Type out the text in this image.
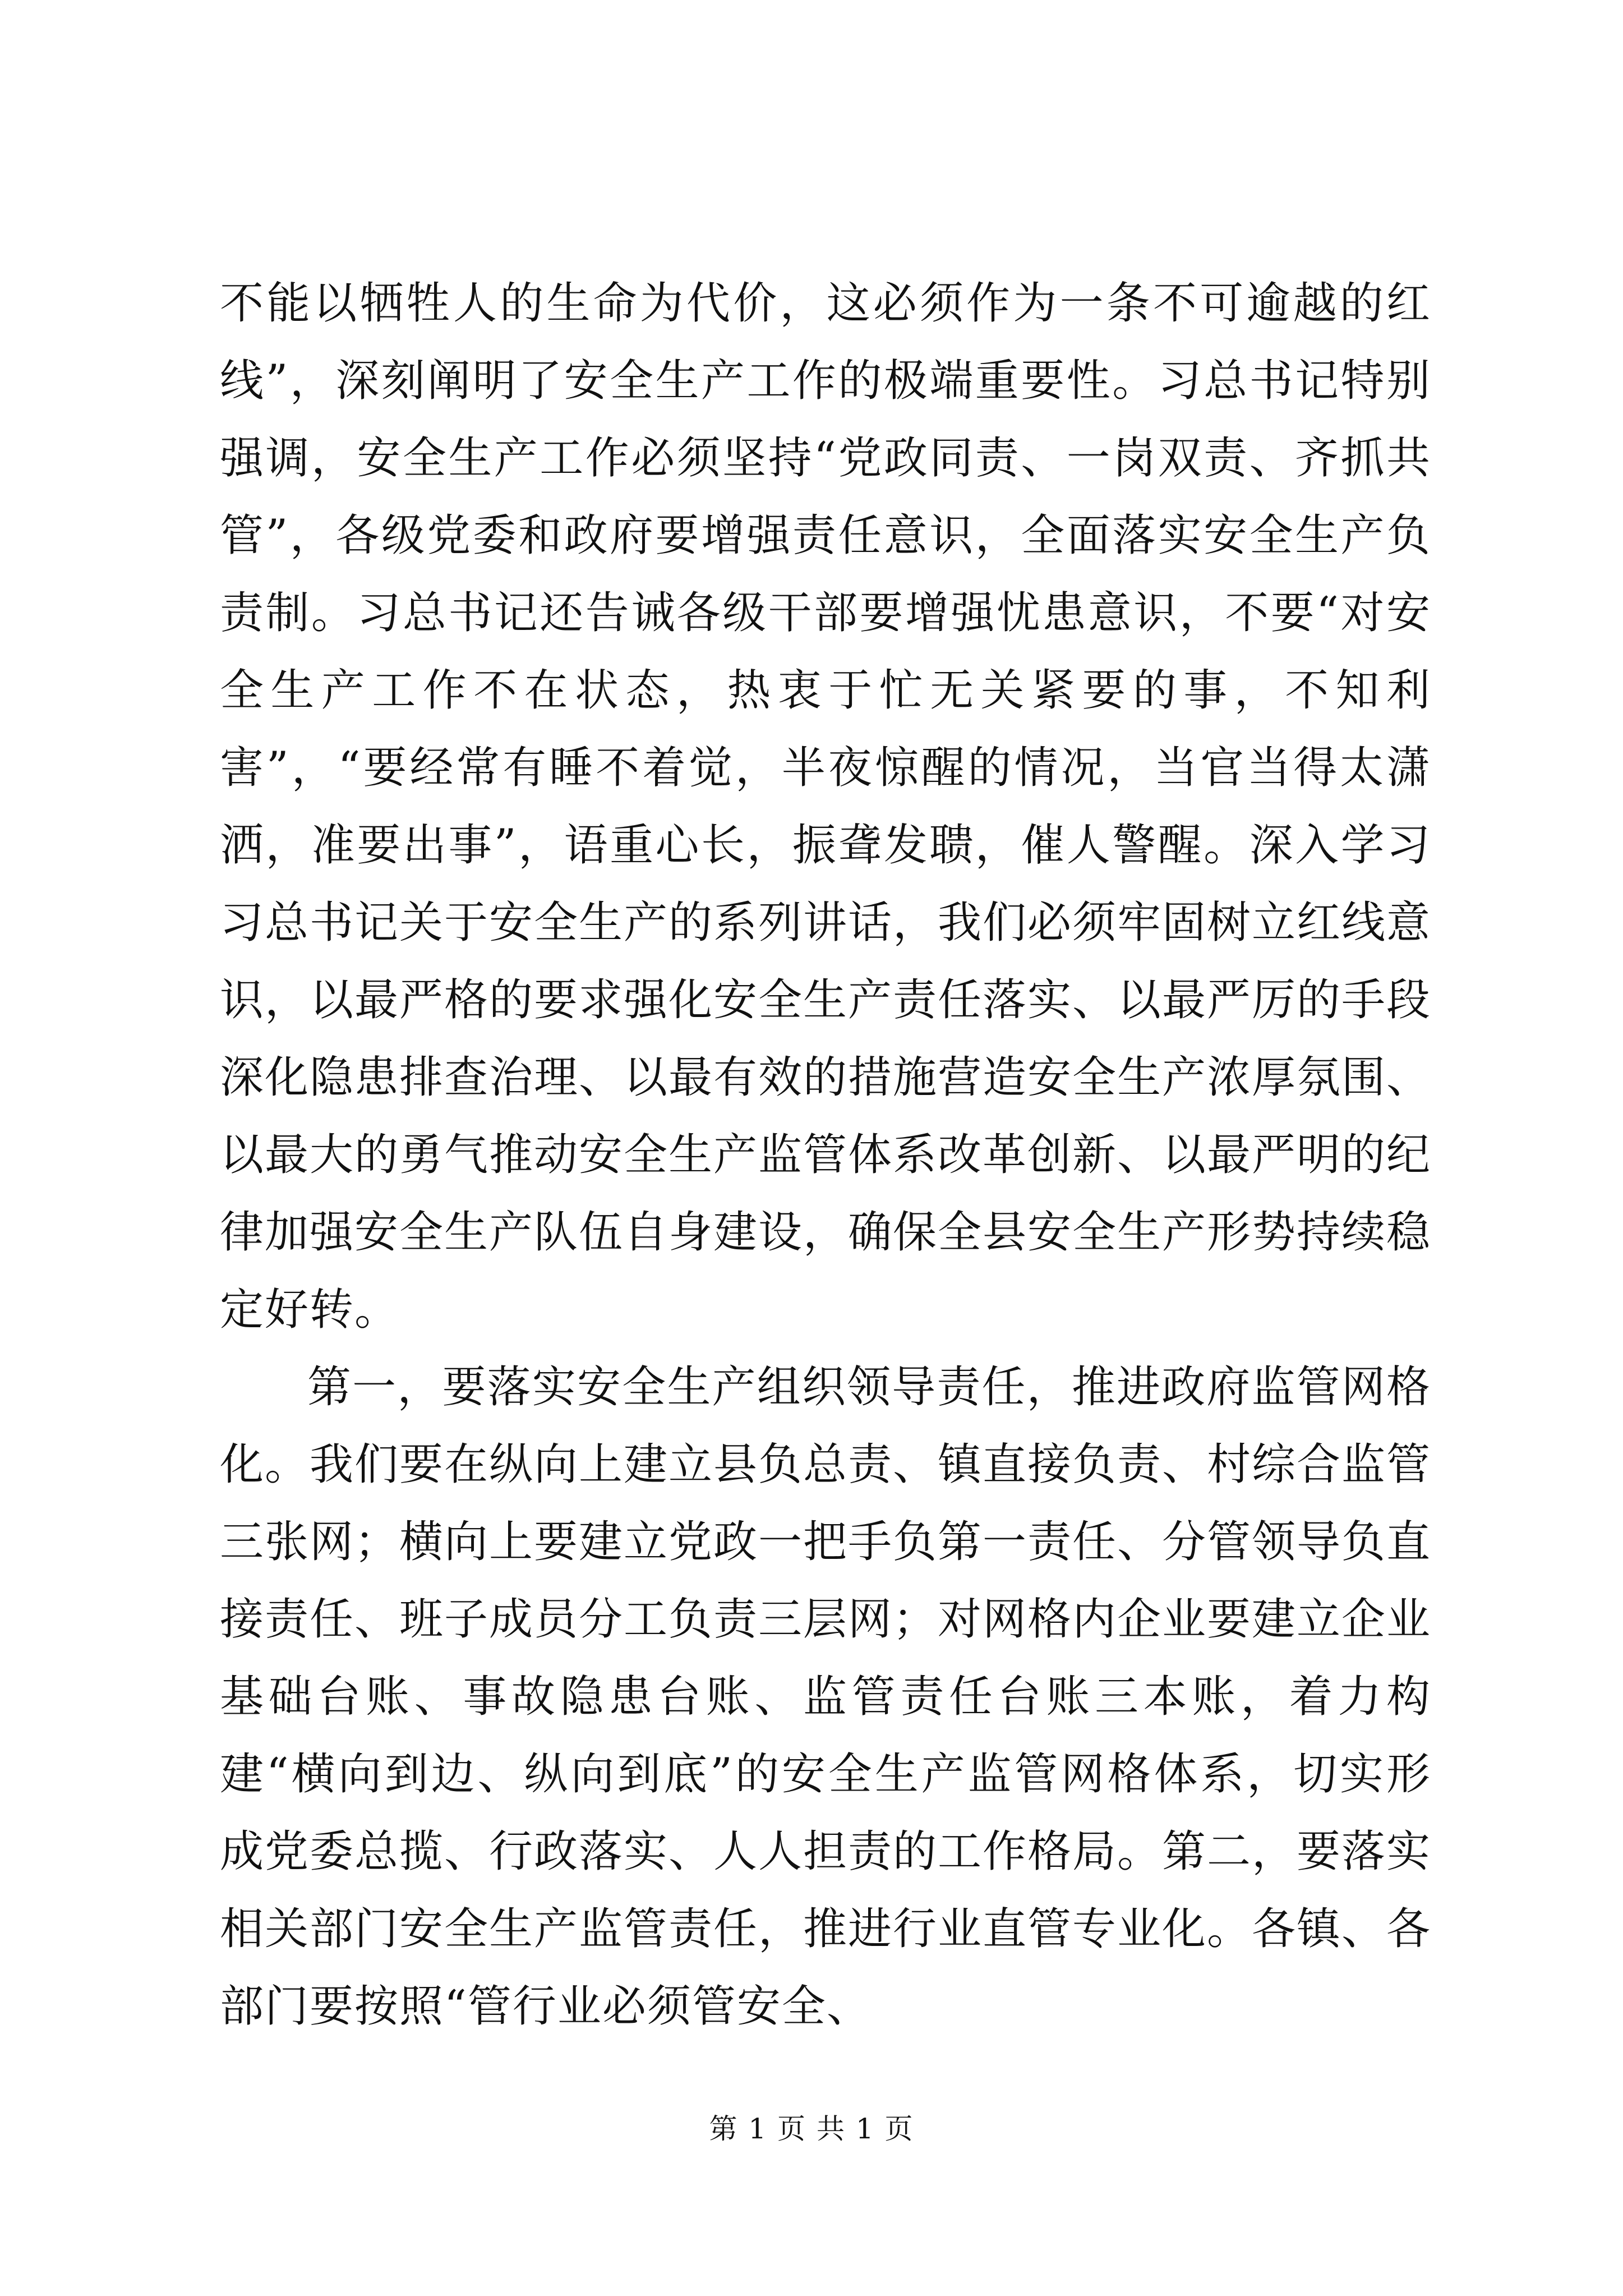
不能以牺牲人的生命为代价，这必须作为一条不可逾越的红线”，深刻阐明了安全生产工作的极端重要性。习总书记特别强调，安全生产工作必须坚持“党政同责、一岗双责、齐抓共管”，各级党委和政府要增强责任意识，全面落实安全生产负责制。习总书记还告诫各级干部要增强忧患意识，不要“对安全生产工作不在状态，热衷于忙无关紧要的事，不知利害”，“要经常有睡不着觉，半夜惊醒的情况，当官当得太潇洒，准要出事”，语重心长，振聋发聩，催人警醒。深入学习习总书记关于安全生产的系列讲话，我们必须牢固树立红线意识，以最严格的要求强化安全生产责任落实、以最严厉的手段深化隐患排查治理、以最有效的措施营造安全生产浓厚氛围、以最大的勇气推动安全生产监管体系改革创新、以最严明的纪律加强安全生产队伍自身建设，确保全县安全生产形势持续稳定好转。

第一，要落实安全生产组织领导责任，推进政府监管网格化。我们要在纵向上建立县负总责、镇直接负责、村综合监管三张网；横向上要建立党政一把手负第一责任、分管领导负直接责任、班子成员分工负责三层网；对网格内企业要建立企业基础台账、事故隐患台账、监管责任台账三本账，着力构建“横向到边、纵向到底”的安全生产监管网格体系，切实形成党委总揽、行政落实、人人担责的工作格局。第二，要落实相关部门安全生产监管责任，推进行业直管专业化。各镇、各部门要按照“管行业必须管安全、

第 1 页 共 1 页
